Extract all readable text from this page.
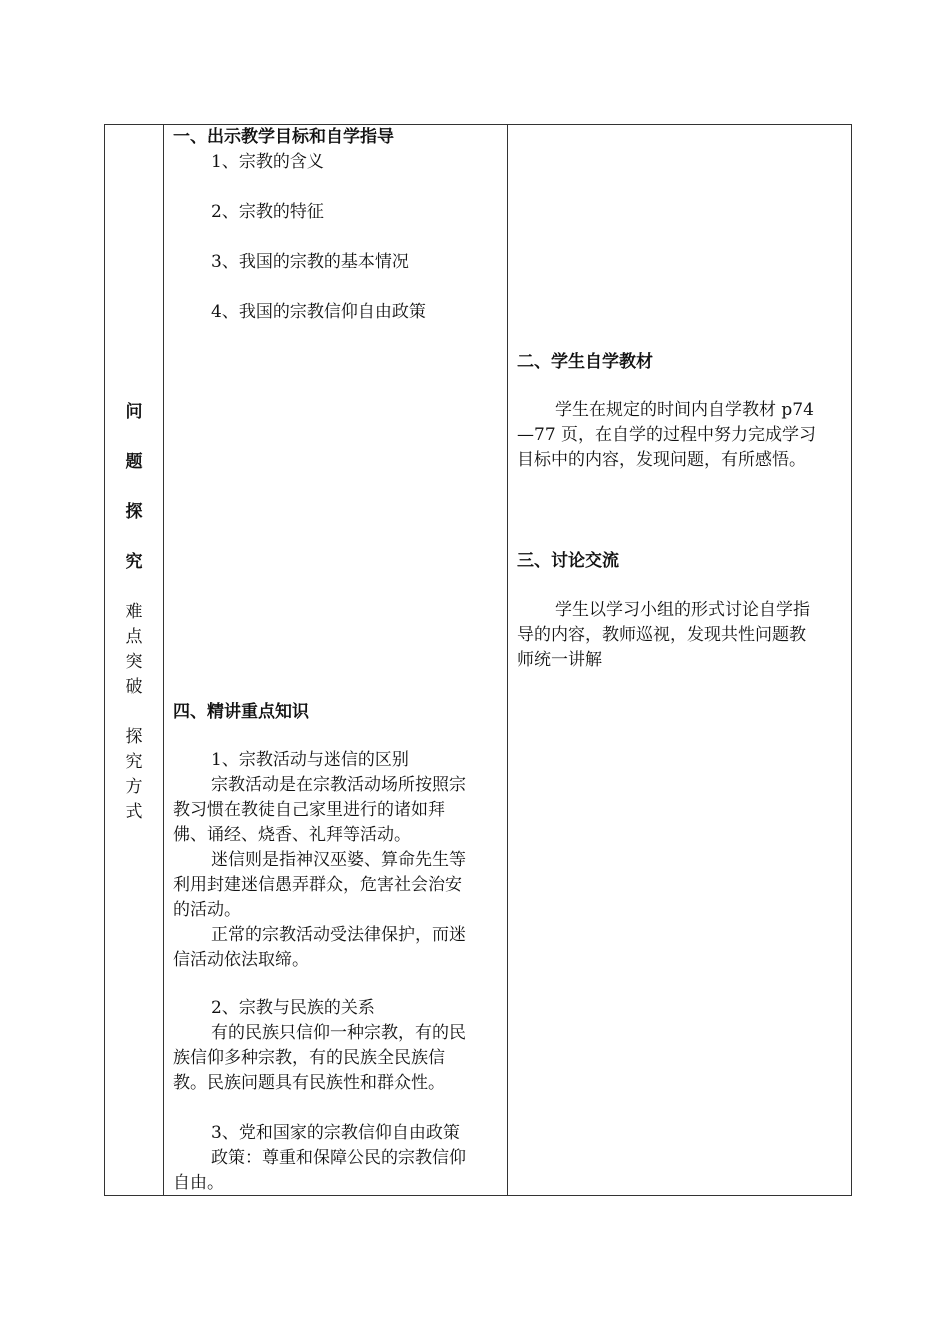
问
题
探
究
难
点
突
破
探
究
方
式
一、出示教学目标和自学指导
1、宗教的含义
2、宗教的特征
3、我国的宗教的基本情况
4、我国的宗教信仰自由政策
四、精讲重点知识
1、宗教活动与迷信的区别
宗教活动是在宗教活动场所按照宗
教习惯在教徒自己家里进行的诸如拜
佛、诵经、烧香、礼拜等活动。
迷信则是指神汉巫婆、算命先生等
利用封建迷信愚弄群众，危害社会治安
的活动。
正常的宗教活动受法律保护，而迷
信活动依法取缔。
2、宗教与民族的关系
有的民族只信仰一种宗教，有的民
族信仰多种宗教，有的民族全民族信
教。民族问题具有民族性和群众性。
3、党和国家的宗教信仰自由政策
政策：尊重和保障公民的宗教信仰
自由。
二、学生自学教材
学生在规定的时间内自学教材 p74
—77 页，在自学的过程中努力完成学习
目标中的内容，发现问题，有所感悟。
三、讨论交流
学生以学习小组的形式讨论自学指
导的内容，教师巡视，发现共性问题教
师统一讲解
